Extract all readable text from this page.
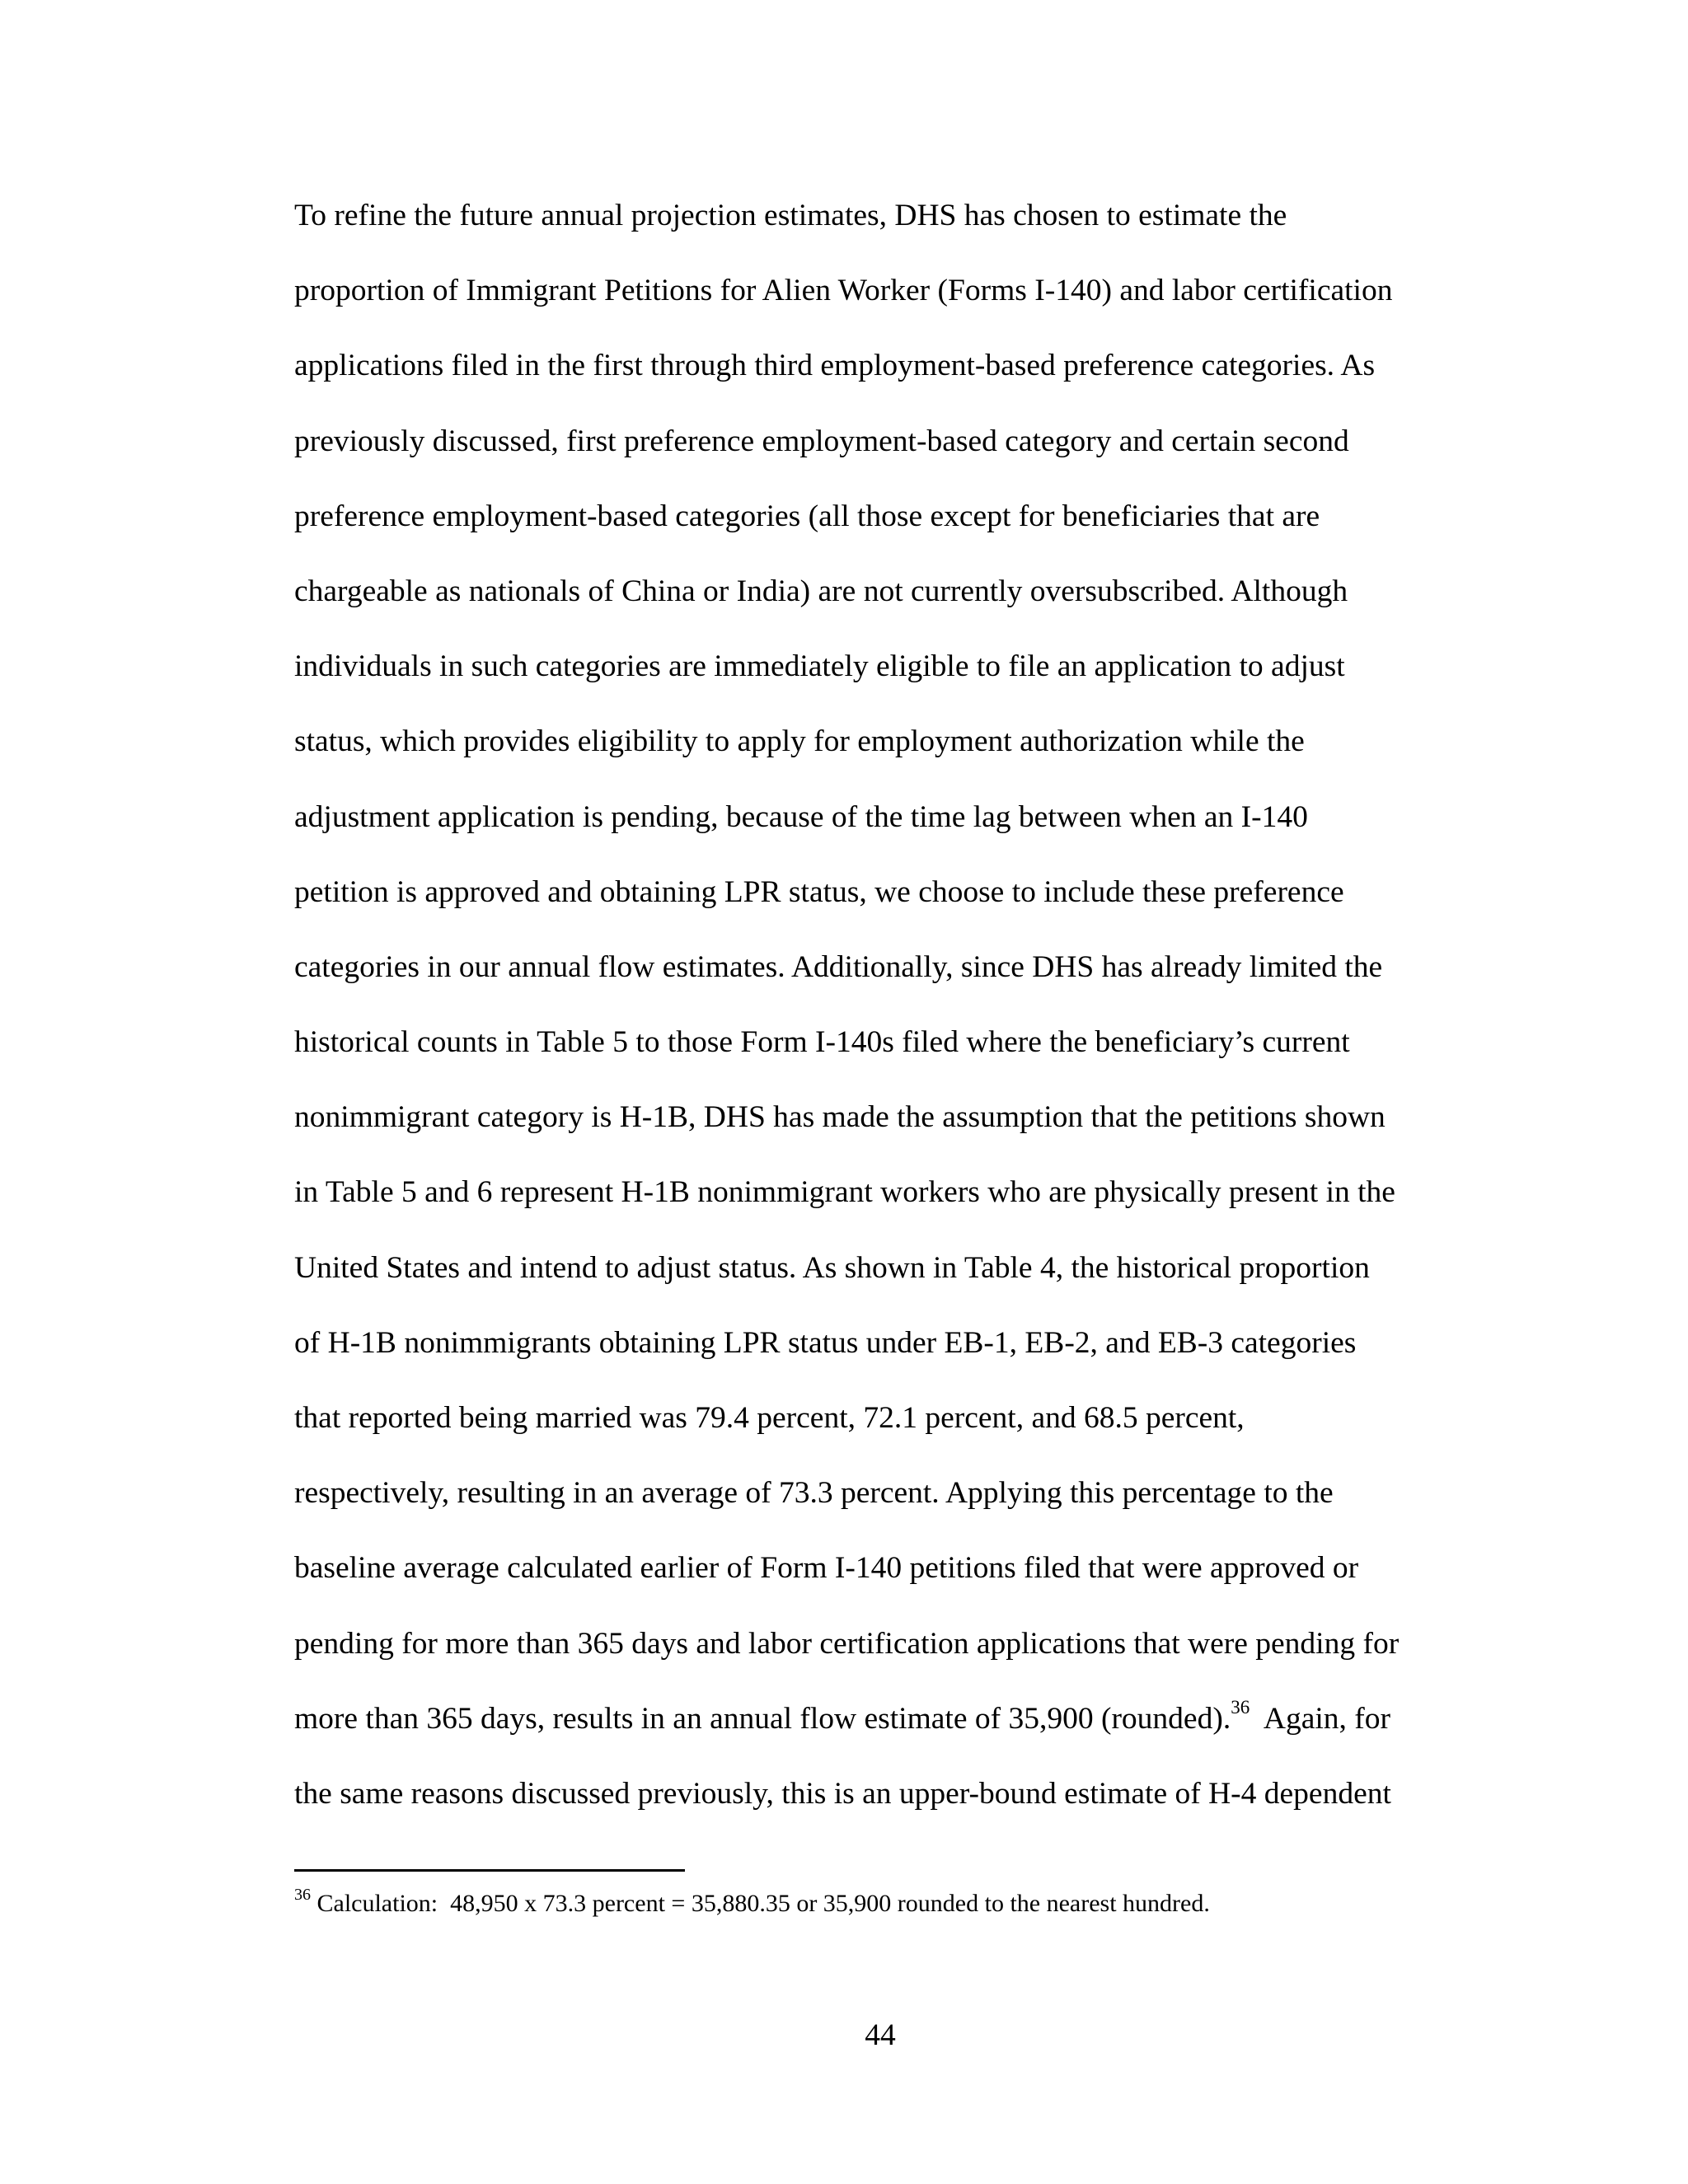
To refine the future annual projection estimates, DHS has chosen to estimate the
proportion of Immigrant Petitions for Alien Worker (Forms I-140) and labor certification
applications filed in the first through third employment-based preference categories. As
previously discussed, first preference employment-based category and certain second
preference employment-based categories (all those except for beneficiaries that are
chargeable as nationals of China or India) are not currently oversubscribed. Although
individuals in such categories are immediately eligible to file an application to adjust
status, which provides eligibility to apply for employment authorization while the
adjustment application is pending, because of the time lag between when an I-140
petition is approved and obtaining LPR status, we choose to include these preference
categories in our annual flow estimates. Additionally, since DHS has already limited the
historical counts in Table 5 to those Form I-140s filed where the beneficiary’s current
nonimmigrant category is H-1B, DHS has made the assumption that the petitions shown
in Table 5 and 6 represent H-1B nonimmigrant workers who are physically present in the
United States and intend to adjust status. As shown in Table 4, the historical proportion
of H-1B nonimmigrants obtaining LPR status under EB-1, EB-2, and EB-3 categories
that reported being married was 79.4 percent, 72.1 percent, and 68.5 percent,
respectively, resulting in an average of 73.3 percent. Applying this percentage to the
baseline average calculated earlier of Form I-140 petitions filed that were approved or
pending for more than 365 days and labor certification applications that were pending for
more than 365 days, results in an annual flow estimate of 35,900 (rounded).$^{36}$  Again, for
the same reasons discussed previously, this is an upper-bound estimate of H-4 dependent
$^{36}$ Calculation:  48,950 x 73.3 percent = 35,880.35 or 35,900 rounded to the nearest hundred.
44
